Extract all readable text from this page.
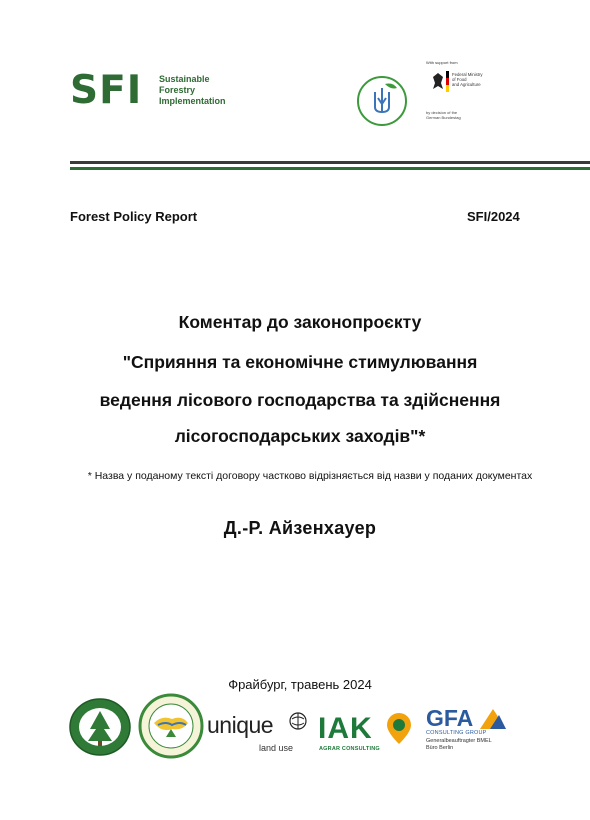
SFI Sustainable
Forestry
Implementation
With support from
Federal Ministry
of Food
and Agriculture
by decision of the
German Bundestag
Forest Policy Report	SFI/2024
Коментар до законопроєкту
"Сприяння та економічне стимулювання
ведення лісового господарства та здійснення
лісогосподарських заходів"*
* Назва у поданому тексті договору частково відрізняється від назви у поданих документах
Д.-Р. Айзенхауер
Фрайбург, травень 2024
unique
land use
IAK
AGRAR CONSULTING
GFA
CONSULTING GROUP
Generalbeauftragter BMEL
Büro Berlin
